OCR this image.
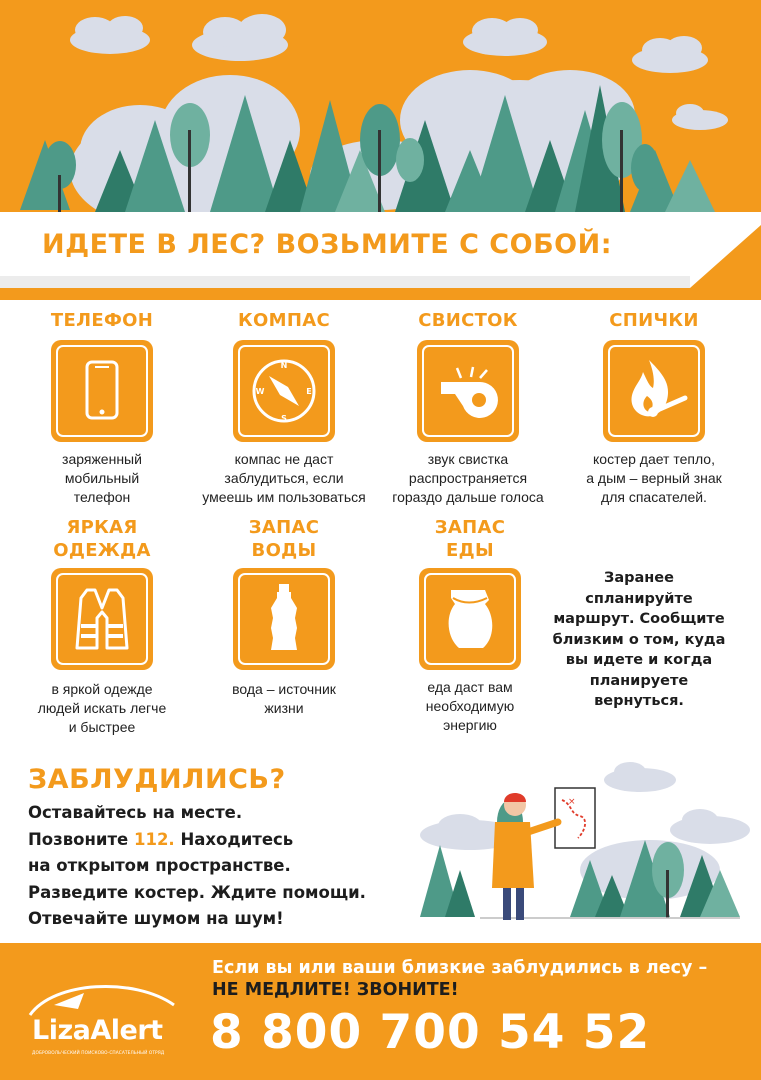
ИДЕТЕ В ЛЕС? ВОЗЬМИТЕ С СОБОЙ:
ТЕЛЕФОН
заряженный
мобильный
телефон
КОМПАС
N
S
W	E
компас не даст
заблудиться, если
умеешь им пользоваться
СВИСТОК
звук свистка
распространяется
гораздо дальше голоса
СПИЧКИ
костер дает тепло,
а дым – верный знак
для спасателей.
ЯРКАЯ
ОДЕЖДА
в яркой одежде
людей искать легче
и быстрее
ЗАПАС
ВОДЫ
вода – источник
жизни
ЗАПАС
ЕДЫ
еда даст вам
необходимую
энергию
Заранее
спланируйте
маршрут. Сообщите
близким о том, куда
вы идете и когда
планируете
вернуться.
ЗАБЛУДИЛИСЬ?
Оставайтесь на месте.
Позвоните 112. Находитесь
на открытом пространстве.
Разведите костер. Ждите помощи.
Отвечайте шумом на шум!
×
LizaAlert
ДОБРОВОЛЬЧЕСКИЙ ПОИСКОВО-СПАСАТЕЛЬНЫЙ ОТРЯД
Если вы или ваши близкие заблудились в лесу –
НЕ МЕДЛИТЕ! ЗВОНИТЕ!
8 800 700 54 52
